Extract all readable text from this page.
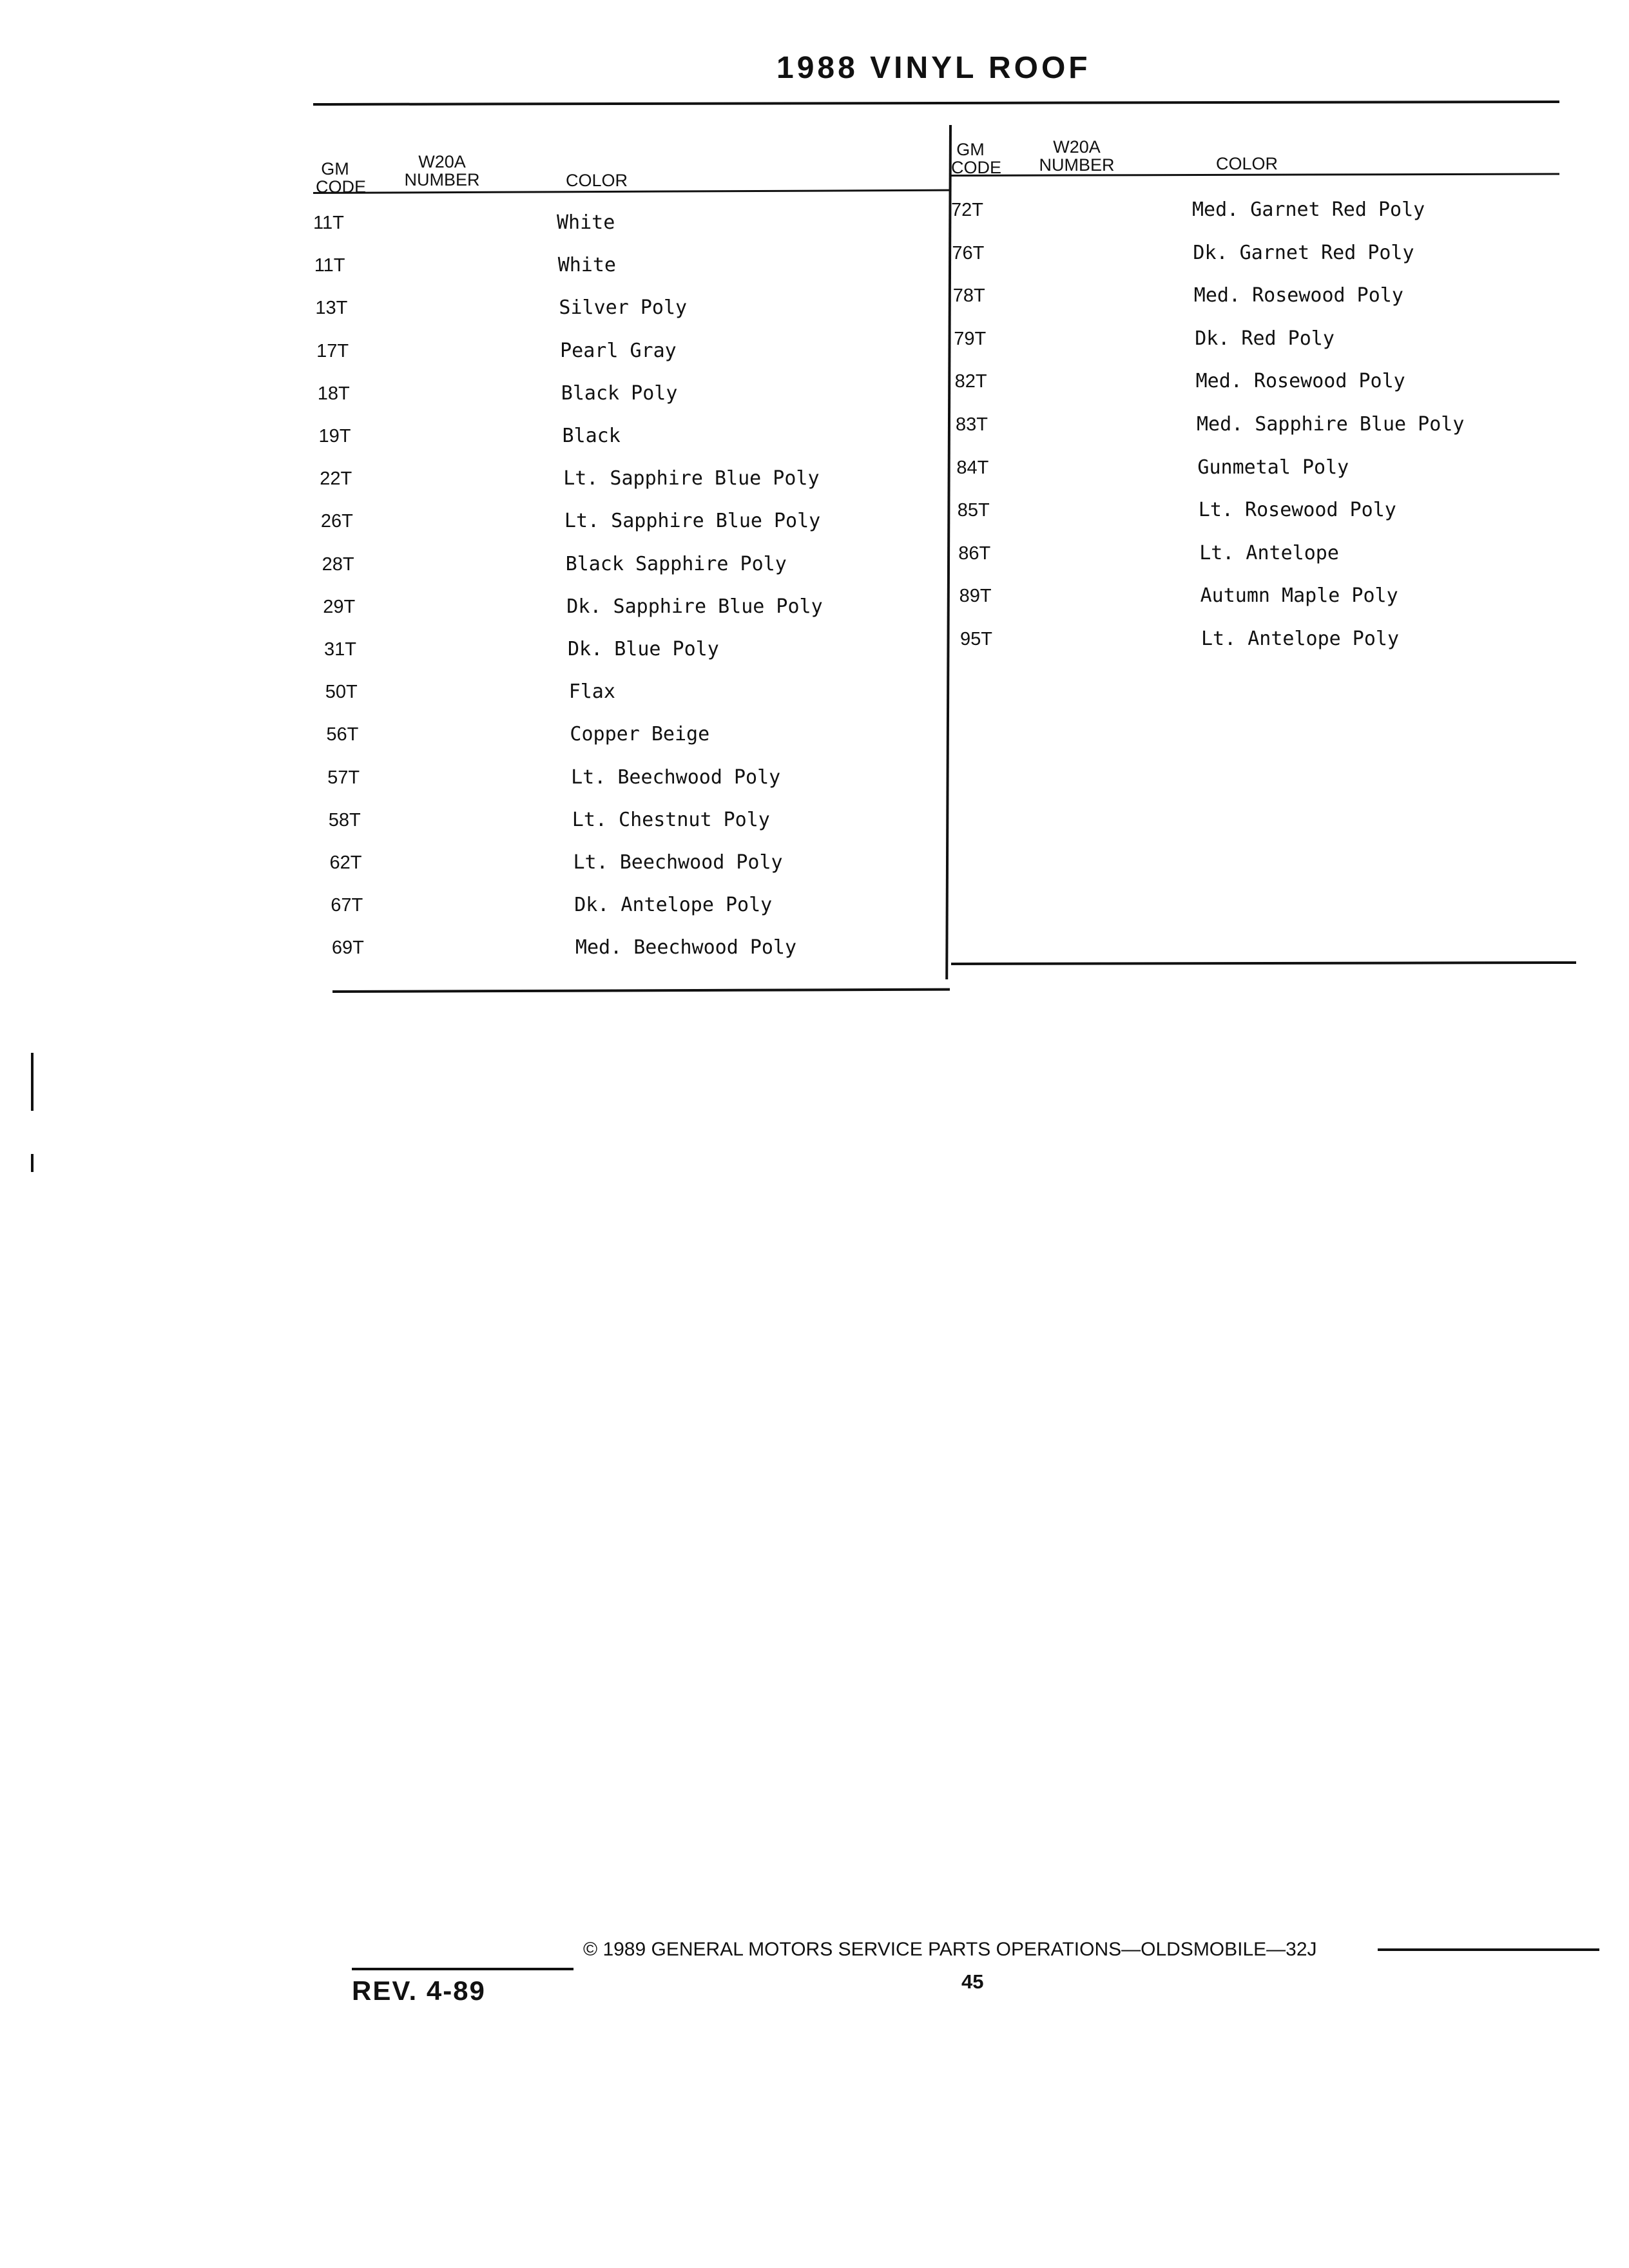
1988 VINYL ROOF
GM
CODE
W20A
NUMBER	COLOR
11T	White
11T	White
13T	Silver Poly
17T	Pearl Gray
18T	Black Poly
19T	Black
22T	Lt. Sapphire Blue Poly
26T	Lt. Sapphire Blue Poly
28T	Black Sapphire Poly
29T	Dk. Sapphire Blue Poly
31T	Dk. Blue Poly
50T	Flax
56T	Copper Beige
57T	Lt. Beechwood Poly
58T	Lt. Chestnut Poly
62T	Lt. Beechwood Poly
67T	Dk. Antelope Poly
69T	Med. Beechwood Poly
GM
CODE
W20A
NUMBER	COLOR
72T	Med. Garnet Red Poly
76T	Dk. Garnet Red Poly
78T	Med. Rosewood Poly
79T	Dk. Red Poly
82T	Med. Rosewood Poly
83T	Med. Sapphire Blue Poly
84T	Gunmetal Poly
85T	Lt. Rosewood Poly
86T	Lt. Antelope
89T	Autumn Maple Poly
95T	Lt. Antelope Poly
© 1989 GENERAL MOTORS SERVICE PARTS OPERATIONS—OLDSMOBILE—32J
45
REV. 4-89
